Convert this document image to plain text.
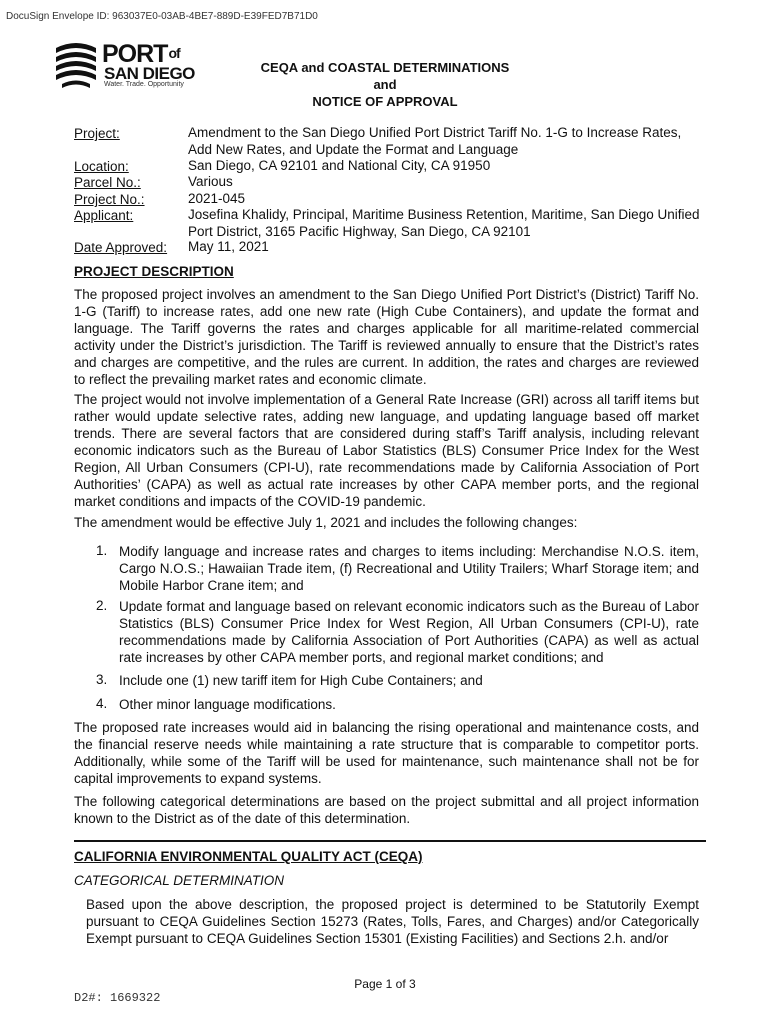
DocuSign Envelope ID: 963037E0-03AB-4BE7-889D-E39FED7B71D0
PORTof
SAN DIEGO
Water. Trade. Opportunity
CEQA and COASTAL DETERMINATIONS
and
NOTICE OF APPROVAL
Project:	Amendment to the San Diego Unified Port District Tariff No. 1-G to Increase Rates, Add New Rates, and Update the Format and Language
Location:	San Diego, CA 92101 and National City, CA 91950
Parcel No.:	Various
Project No.:	2021-045
Applicant:	Josefina Khalidy, Principal, Maritime Business Retention, Maritime, San Diego Unified Port District, 3165 Pacific Highway, San Diego, CA 92101
Date Approved: May 11, 2021
PROJECT DESCRIPTION
The proposed project involves an amendment to the San Diego Unified Port District’s (District) Tariff No. 1-G (Tariff) to increase rates, add one new rate (High Cube Containers), and update the format and language. The Tariff governs the rates and charges applicable for all maritime-related commercial activity under the District’s jurisdiction. The Tariff is reviewed annually to ensure that the District’s rates and charges are competitive, and the rules are current. In addition, the rates and charges are reviewed to reflect the prevailing market rates and economic climate.
The project would not involve implementation of a General Rate Increase (GRI) across all tariff items but rather would update selective rates, adding new language, and updating language based off market trends. There are several factors that are considered during staff’s Tariff analysis, including relevant economic indicators such as the Bureau of Labor Statistics (BLS) Consumer Price Index for the West Region, All Urban Consumers (CPI-U), rate recommendations made by California Association of Port Authorities’ (CAPA) as well as actual rate increases by other CAPA member ports, and the regional market conditions and impacts of the COVID-19 pandemic.
The amendment would be effective July 1, 2021 and includes the following changes:
1. Modify language and increase rates and charges to items including: Merchandise N.O.S. item, Cargo N.O.S.; Hawaiian Trade item, (f) Recreational and Utility Trailers; Wharf Storage item; and Mobile Harbor Crane item; and
2. Update format and language based on relevant economic indicators such as the Bureau of Labor Statistics (BLS) Consumer Price Index for West Region, All Urban Consumers (CPI-U), rate recommendations made by California Association of Port Authorities (CAPA) as well as actual rate increases by other CAPA member ports, and regional market conditions; and
3. Include one (1) new tariff item for High Cube Containers; and
4. Other minor language modifications.
The proposed rate increases would aid in balancing the rising operational and maintenance costs, and the financial reserve needs while maintaining a rate structure that is comparable to competitor ports. Additionally, while some of the Tariff will be used for maintenance, such maintenance shall not be for capital improvements to expand systems.
The following categorical determinations are based on the project submittal and all project information known to the District as of the date of this determination.
CALIFORNIA ENVIRONMENTAL QUALITY ACT (CEQA)
CATEGORICAL DETERMINATION
Based upon the above description, the proposed project is determined to be Statutorily Exempt pursuant to CEQA Guidelines Section 15273 (Rates, Tolls, Fares, and Charges) and/or Categorically Exempt pursuant to CEQA Guidelines Section 15301 (Existing Facilities) and Sections 2.h. and/or
Page 1 of 3
D2#: 1669322
